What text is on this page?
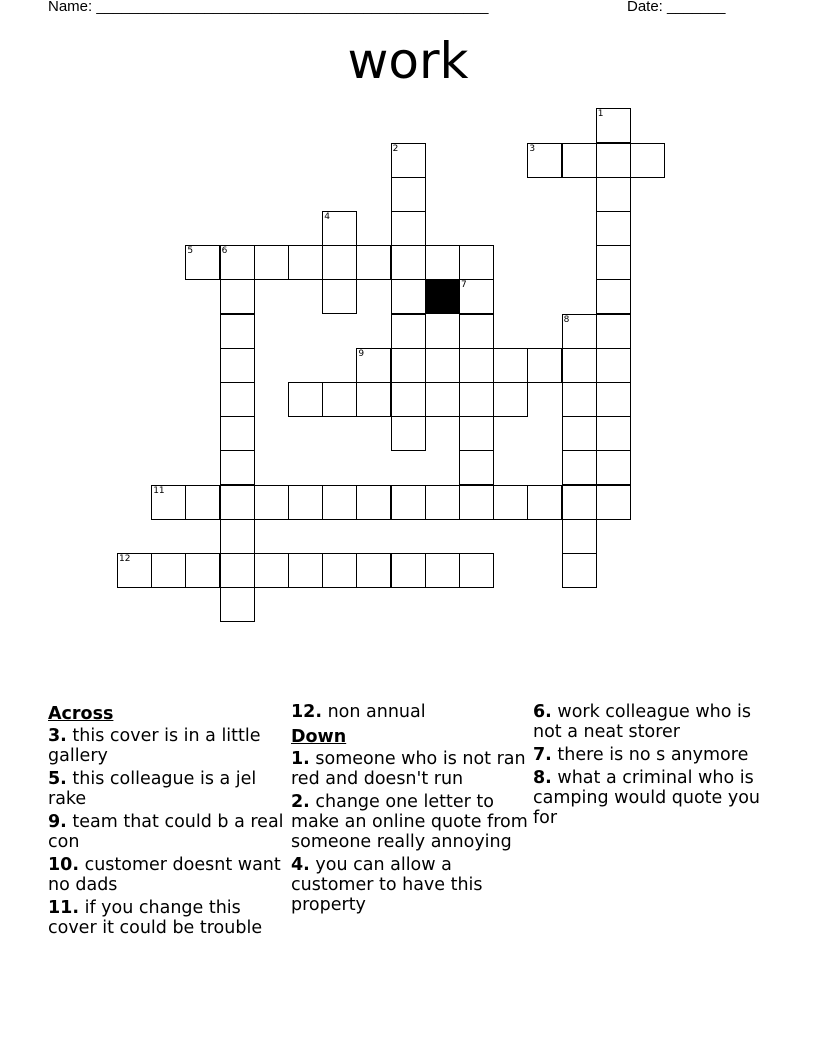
Name: _______________________________________________	Date: _______
work
1
2	3
4
5	6
7
8
9
11
12
Across

3. this cover is in a little gallery

5. this colleague is a jel rake

9. team that could b a real con

10. customer doesnt want no dads

11. if you change this cover it could be trouble

12. non annual

Down

1. someone who is not ran red and doesn't run

2. change one letter to make an online quote from someone really annoying

4. you can allow a customer to have this property

6. work colleague who is not a neat storer

7. there is no s anymore

8. what a criminal who is camping would quote you for
